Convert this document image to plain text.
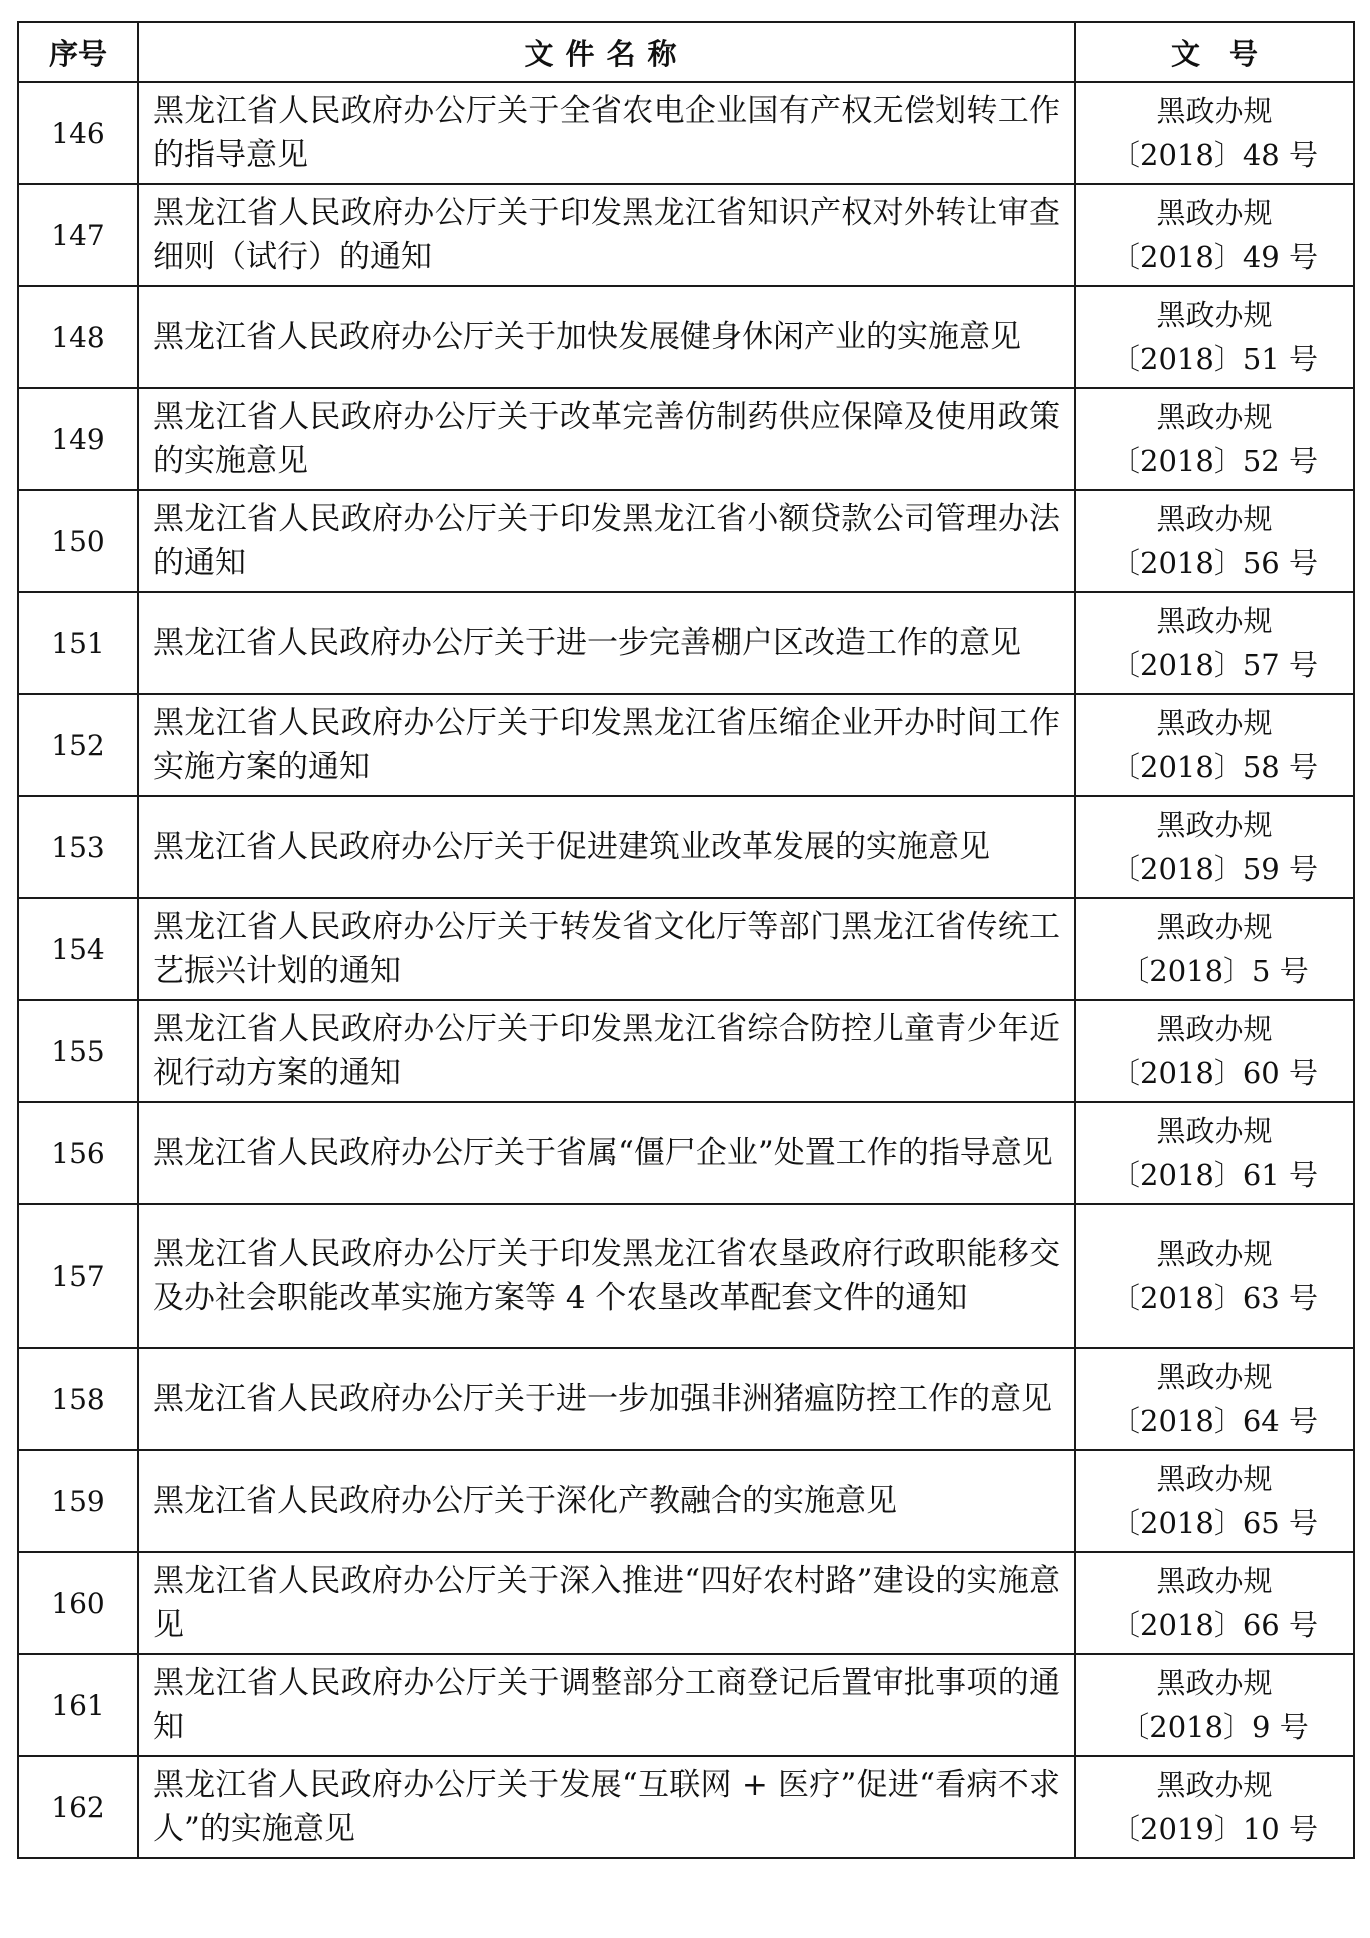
序号	文件名称	文　号
146	黑龙江省人民政府办公厅关于全省农电企业国有产权无偿划转工作的指导意见	黑政办规
〔2018〕48 号

147	黑龙江省人民政府办公厅关于印发黑龙江省知识产权对外转让审查细则（试行）的通知	黑政办规
〔2018〕49 号

148	黑龙江省人民政府办公厅关于加快发展健身休闲产业的实施意见	黑政办规
〔2018〕51 号

149	黑龙江省人民政府办公厅关于改革完善仿制药供应保障及使用政策的实施意见	黑政办规
〔2018〕52 号

150	黑龙江省人民政府办公厅关于印发黑龙江省小额贷款公司管理办法的通知	黑政办规
〔2018〕56 号

151	黑龙江省人民政府办公厅关于进一步完善棚户区改造工作的意见	黑政办规
〔2018〕57 号

152	黑龙江省人民政府办公厅关于印发黑龙江省压缩企业开办时间工作实施方案的通知	黑政办规
〔2018〕58 号

153	黑龙江省人民政府办公厅关于促进建筑业改革发展的实施意见	黑政办规
〔2018〕59 号

154	黑龙江省人民政府办公厅关于转发省文化厅等部门黑龙江省传统工艺振兴计划的通知	黑政办规
〔2018〕5 号

155	黑龙江省人民政府办公厅关于印发黑龙江省综合防控儿童青少年近视行动方案的通知	黑政办规
〔2018〕60 号

156	黑龙江省人民政府办公厅关于省属“僵尸企业”处置工作的指导意见	黑政办规
〔2018〕61 号

157	黑龙江省人民政府办公厅关于印发黑龙江省农垦政府行政职能移交及办社会职能改革实施方案等 4 个农垦改革配套文件的通知	黑政办规
〔2018〕63 号

158	黑龙江省人民政府办公厅关于进一步加强非洲猪瘟防控工作的意见	黑政办规
〔2018〕64 号

159	黑龙江省人民政府办公厅关于深化产教融合的实施意见	黑政办规
〔2018〕65 号

160	黑龙江省人民政府办公厅关于深入推进“四好农村路”建设的实施意见	黑政办规
〔2018〕66 号

161	黑龙江省人民政府办公厅关于调整部分工商登记后置审批事项的通知	黑政办规
〔2018〕9 号

162	黑龙江省人民政府办公厅关于发展“互联网 + 医疗”促进“看病不求人”的实施意见	黑政办规
〔2019〕10 号
